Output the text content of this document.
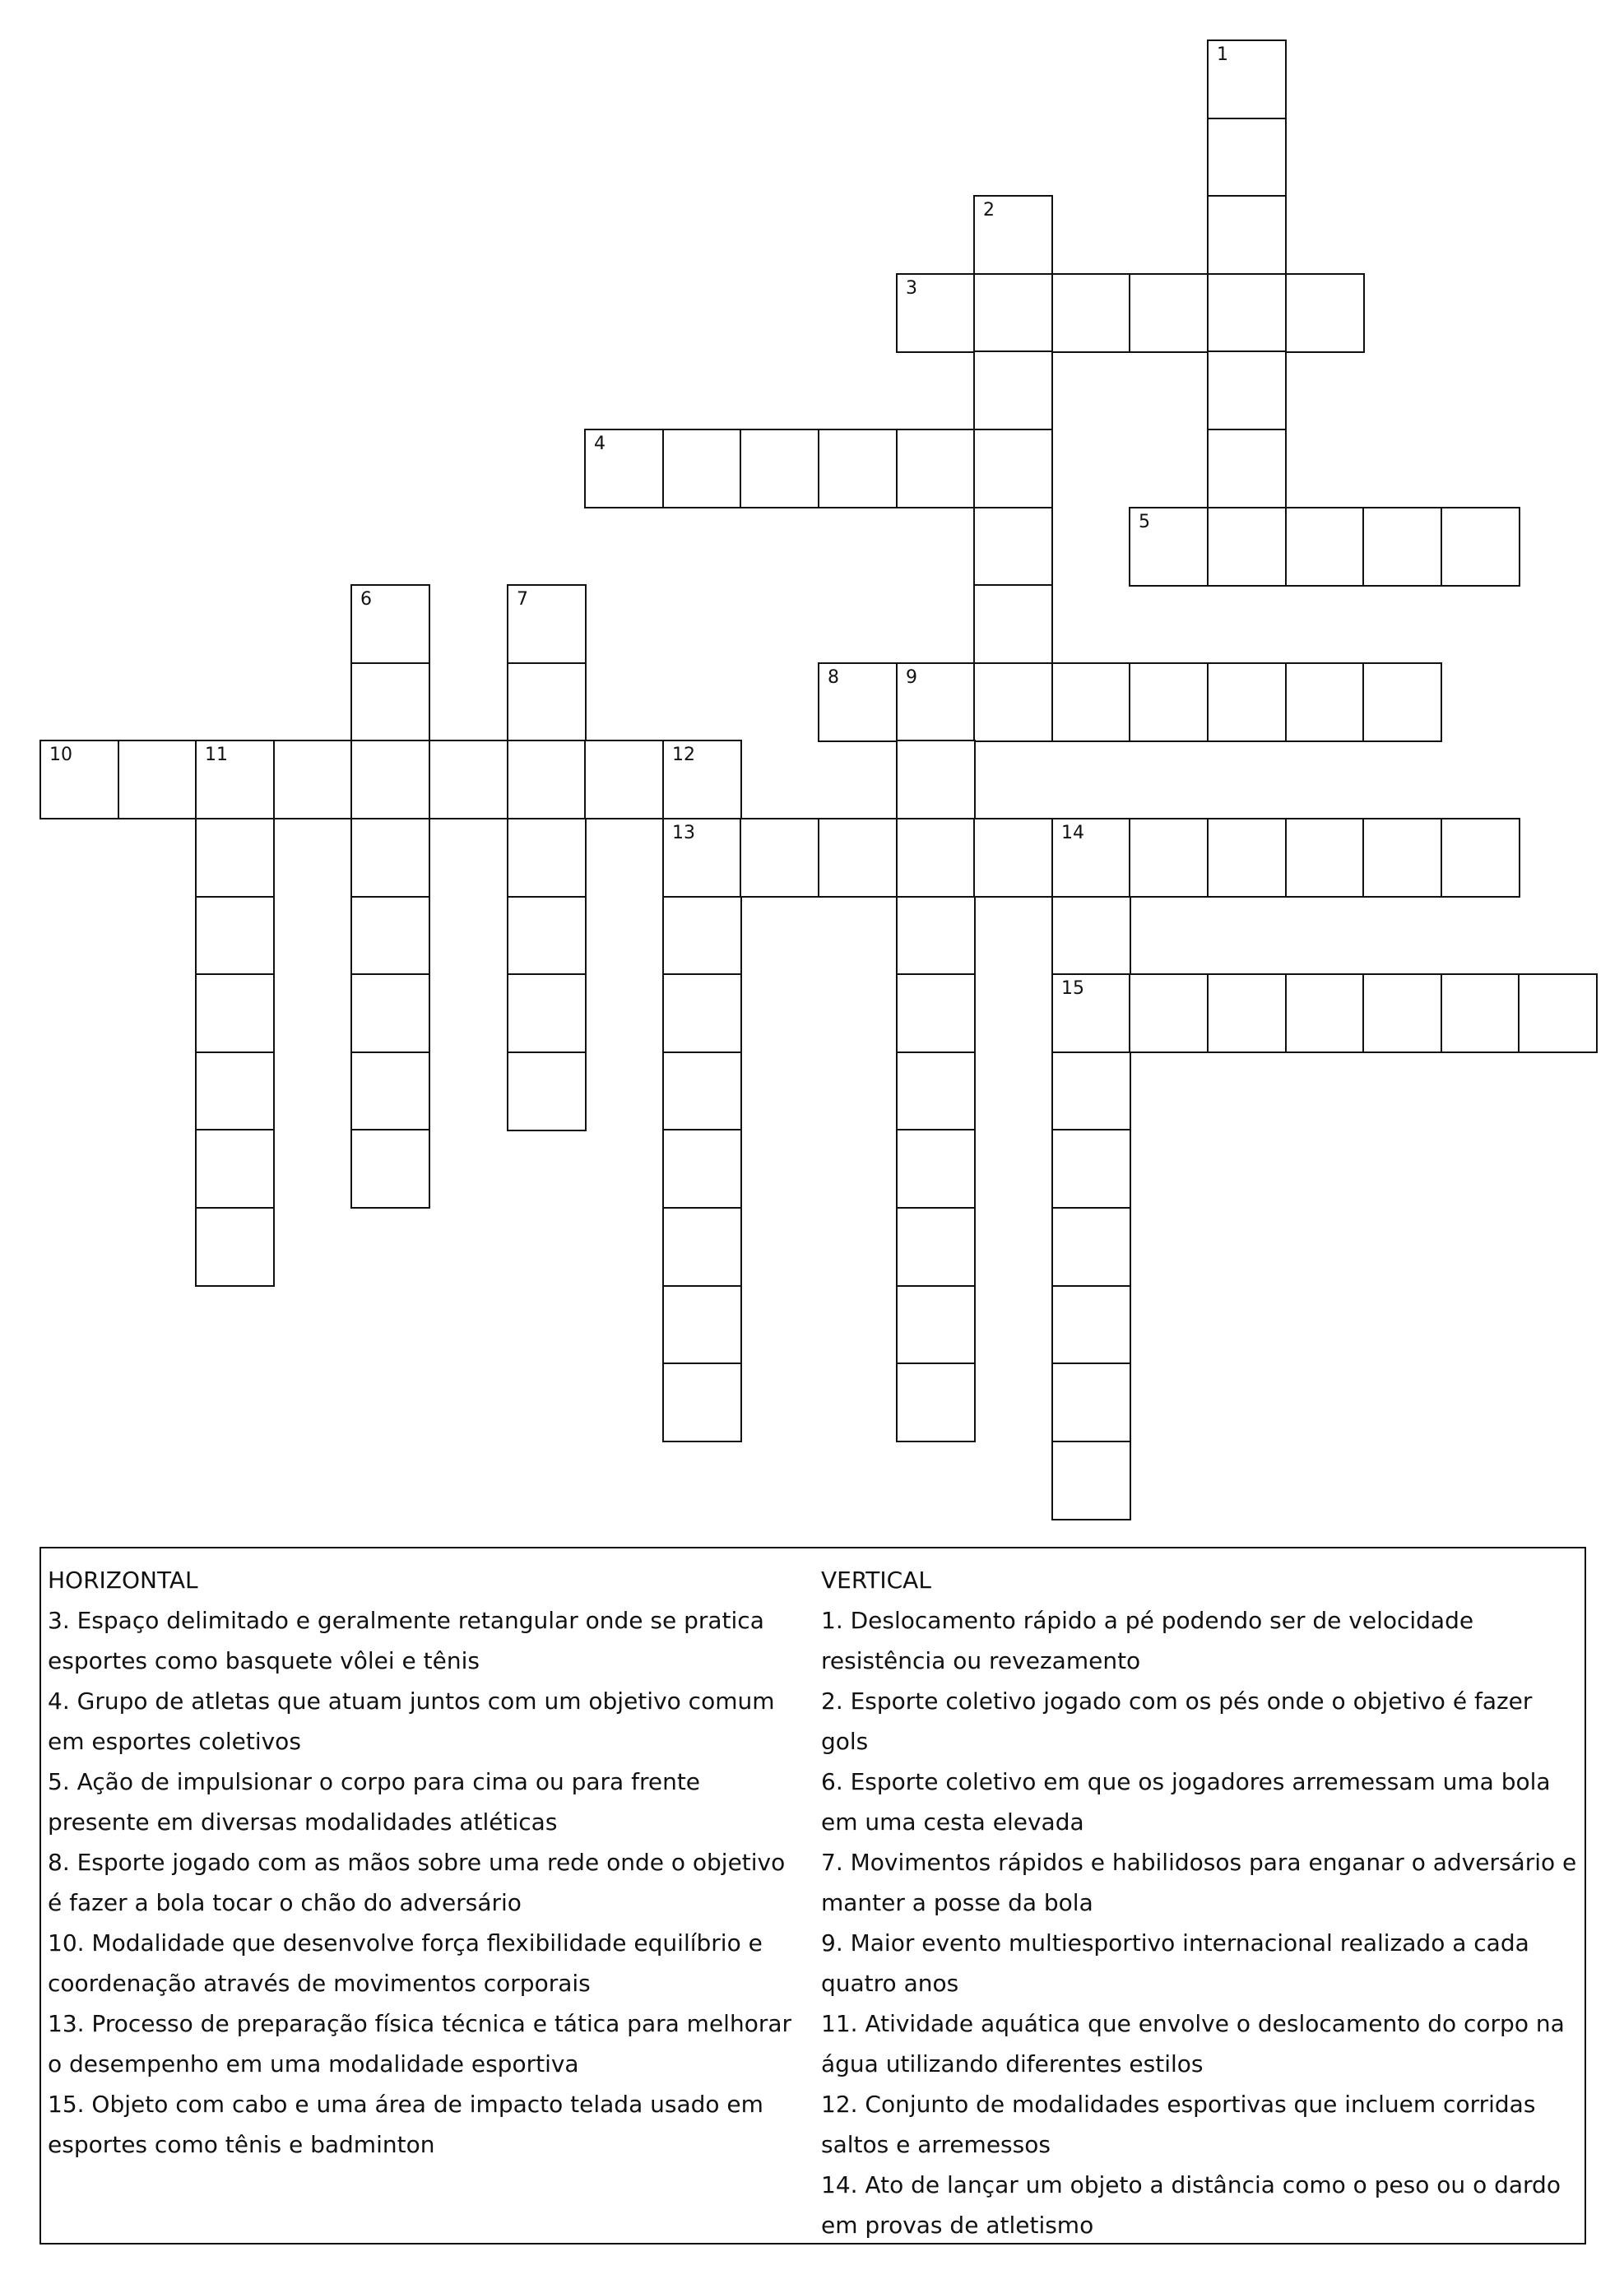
1
2
3
4
5
6	7
8	9
10	11	12
13	14
15

HORIZONTAL

3. Espaço delimitado e geralmente retangular onde se pratica esportes como basquete vôlei e tênis

4. Grupo de atletas que atuam juntos com um objetivo comum em esportes coletivos

5. Ação de impulsionar o corpo para cima ou para frente presente em diversas modalidades atléticas

8. Esporte jogado com as mãos sobre uma rede onde o objetivo é fazer a bola tocar o chão do adversário

10. Modalidade que desenvolve força flexibilidade equilíbrio e coordenação através de movimentos corporais

13. Processo de preparação física técnica e tática para melhorar o desempenho em uma modalidade esportiva

15. Objeto com cabo e uma área de impacto telada usado em esportes como tênis e badminton

VERTICAL

1. Deslocamento rápido a pé podendo ser de velocidade resistência ou revezamento

2. Esporte coletivo jogado com os pés onde o objetivo é fazer gols

6. Esporte coletivo em que os jogadores arremessam uma bola em uma cesta elevada

7. Movimentos rápidos e habilidosos para enganar o adversário e manter a posse da bola

9. Maior evento multiesportivo internacional realizado a cada quatro anos

11. Atividade aquática que envolve o deslocamento do corpo na água utilizando diferentes estilos

12. Conjunto de modalidades esportivas que incluem corridas saltos e arremessos

14. Ato de lançar um objeto a distância como o peso ou o dardo em provas de atletismo
